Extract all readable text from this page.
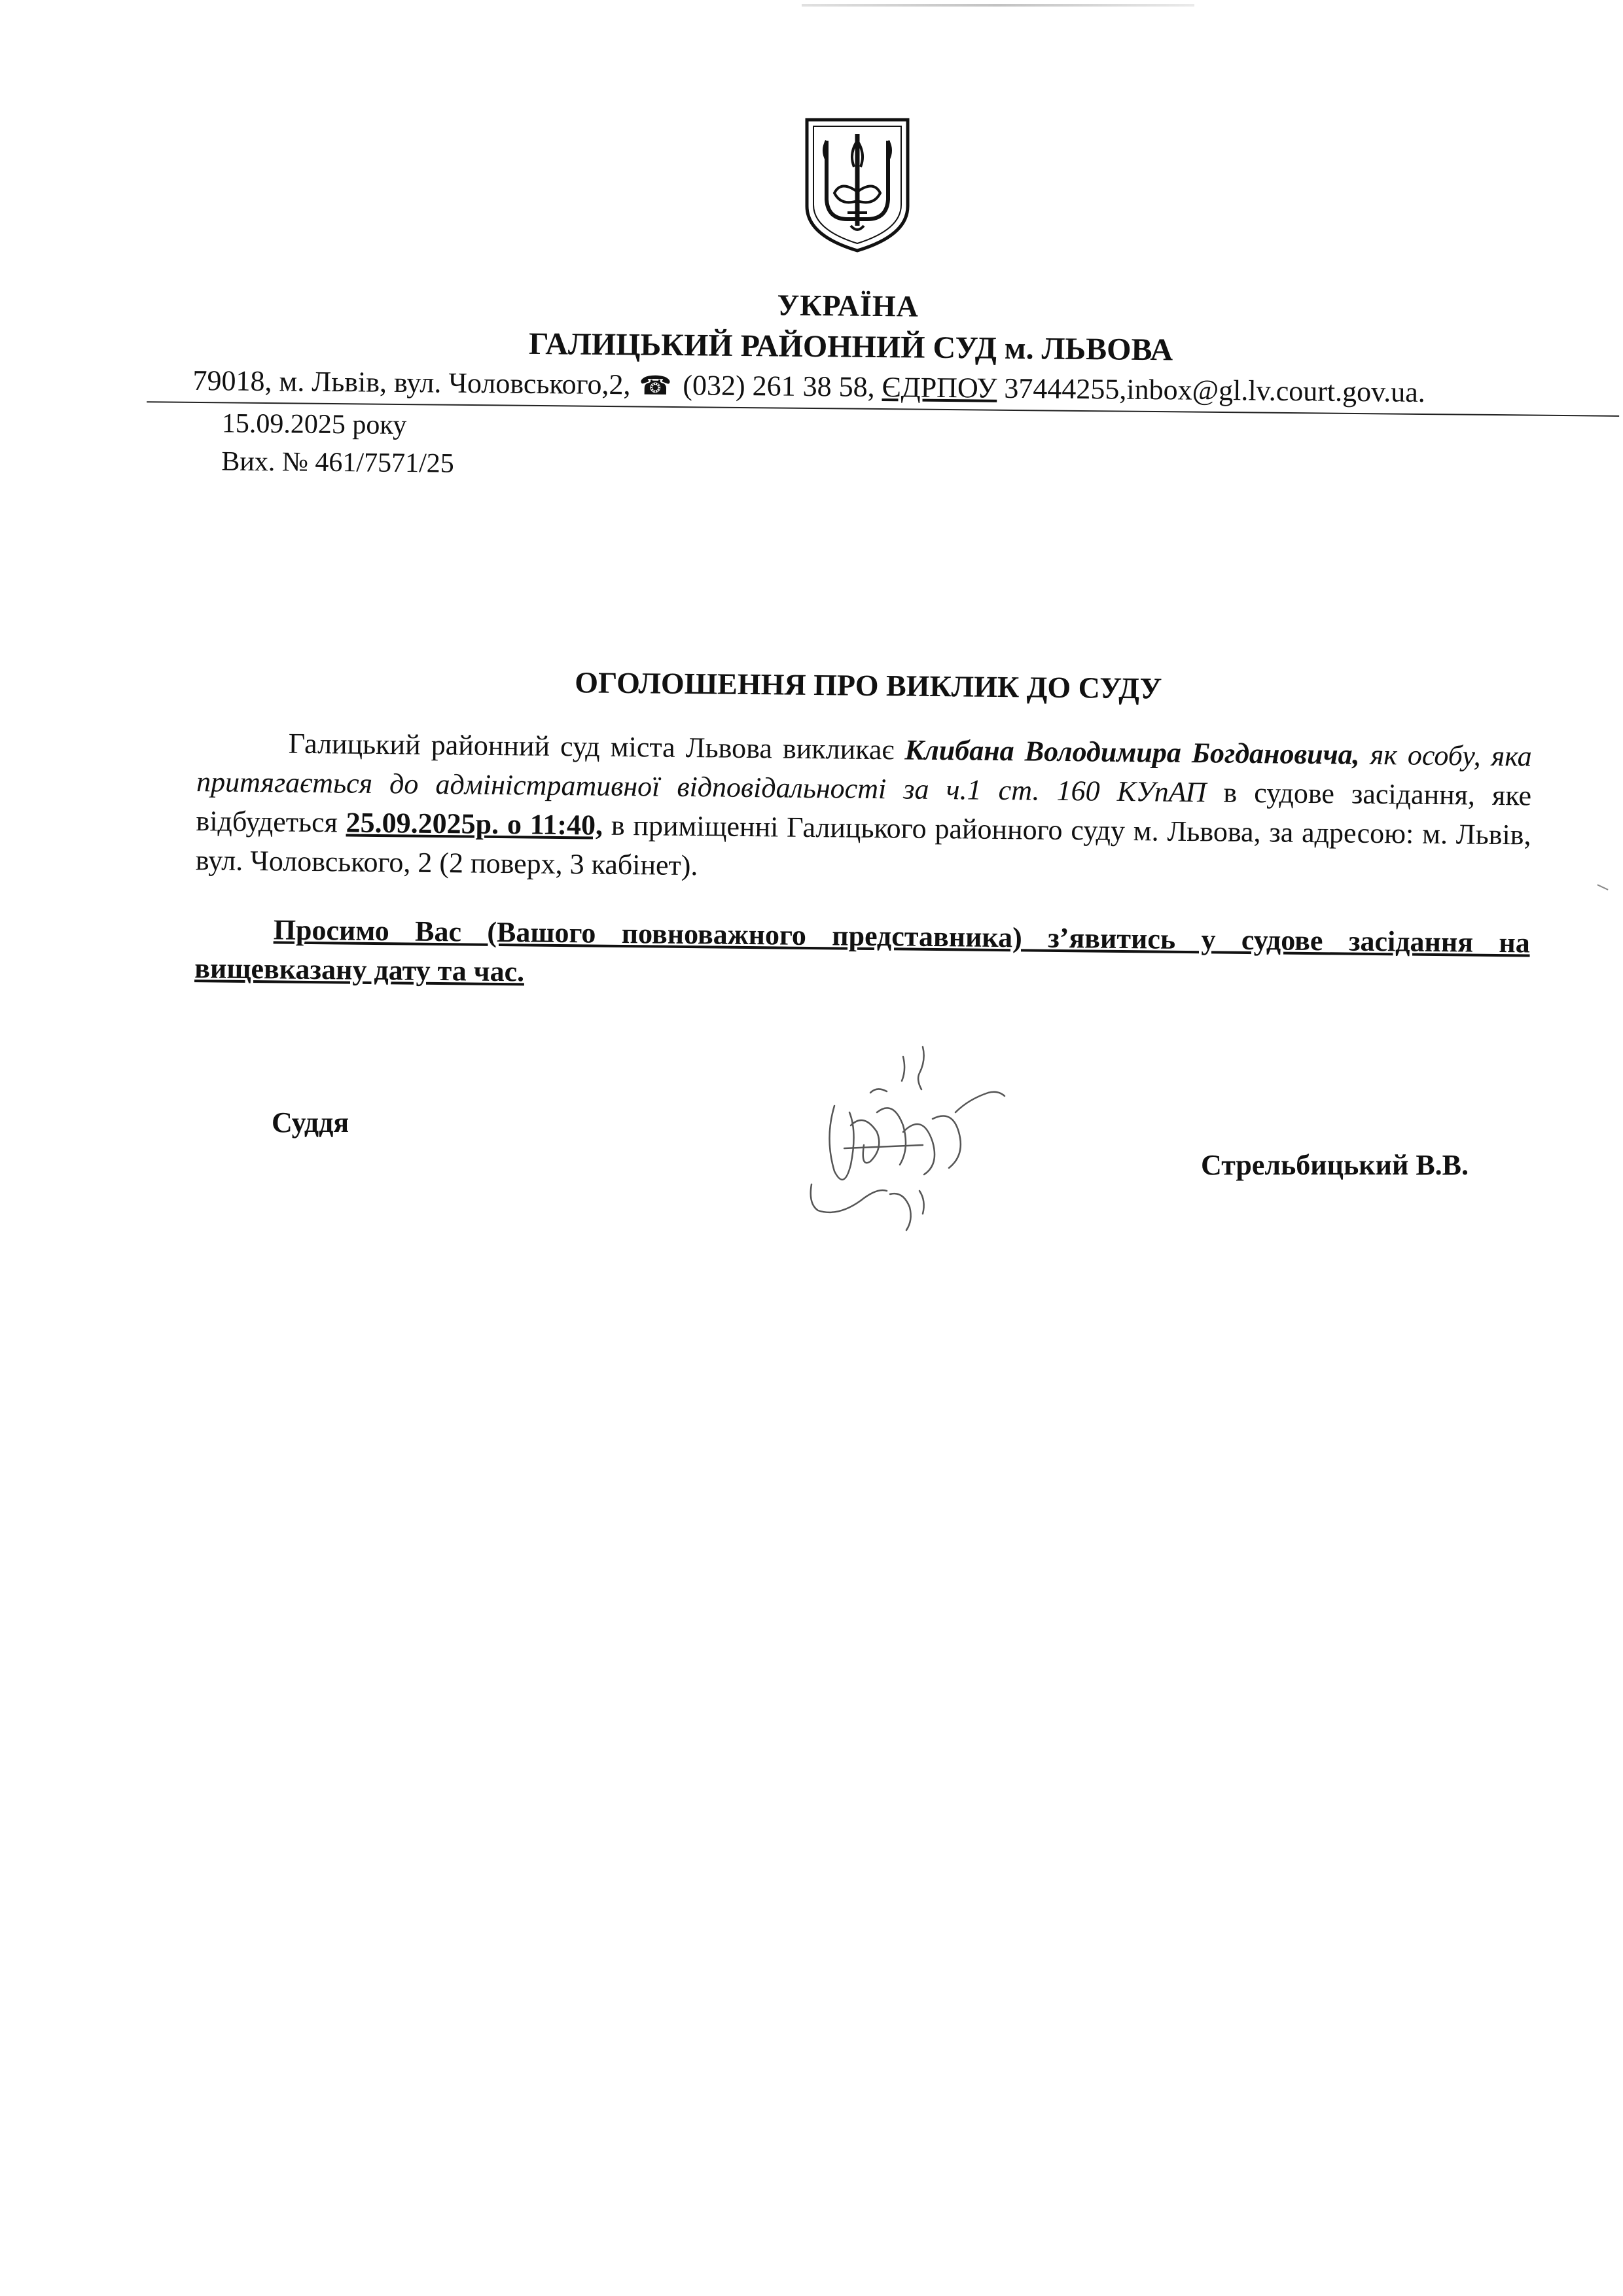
УКРАЇНА
ГАЛИЦЬКИЙ РАЙОННИЙ СУД м. ЛЬВОВА
79018, м. Львів, вул. Чоловського,2, ☎ (032) 261 38 58, ЄДРПОУ 37444255,inbox@gl.lv.court.gov.ua.
15.09.2025 року
Вих. № 461/7571/25
ОГОЛОШЕННЯ ПРО ВИКЛИК ДО СУДУ
Галицький районний суд міста Львова викликає Клибана Володимира Богдановича, як особу, яка притягається до адміністративної відповідальності за ч.1 ст. 160 КУпАП в судове засідання, яке відбудеться 25.09.2025р. о 11:40, в приміщенні Галицького районного суду м. Львова, за адресою: м. Львів, вул. Чоловського, 2 (2 поверх, 3 кабінет).
Просимо Вас (Вашого повноважного представника) з’явитись у судове засідання на вищевказану дату та час.
Суддя
Стрельбицький В.В.
